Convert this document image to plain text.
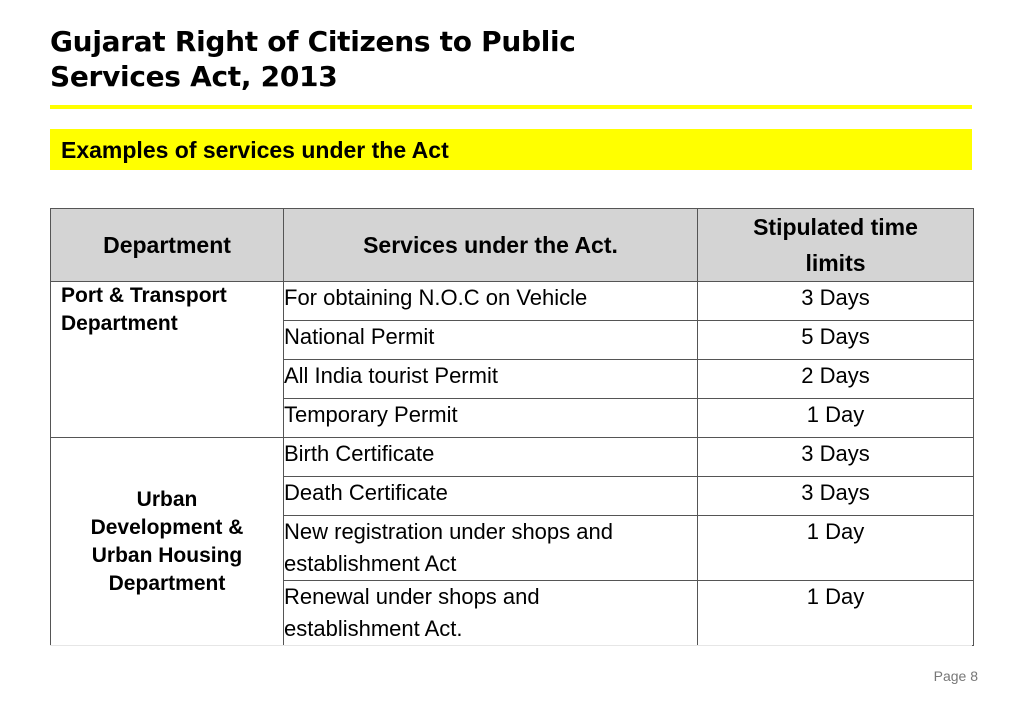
Gujarat Right of Citizens to Public
Services Act, 2013
Examples of services under the Act
Department	Services under the Act.	Stipulated time
limits

Port & Transport
Department	For obtaining N.O.C on Vehicle	3 Days

	National Permit	5 Days

	All India tourist Permit	2 Days

	Temporary Permit	1 Day

Urban
Development &
Urban Housing
Department	Birth Certificate	3 Days

	Death Certificate	3 Days

	New registration under shops and
establishment Act	1 Day

	Renewal under shops and
establishment Act.	1 Day
Page 8
